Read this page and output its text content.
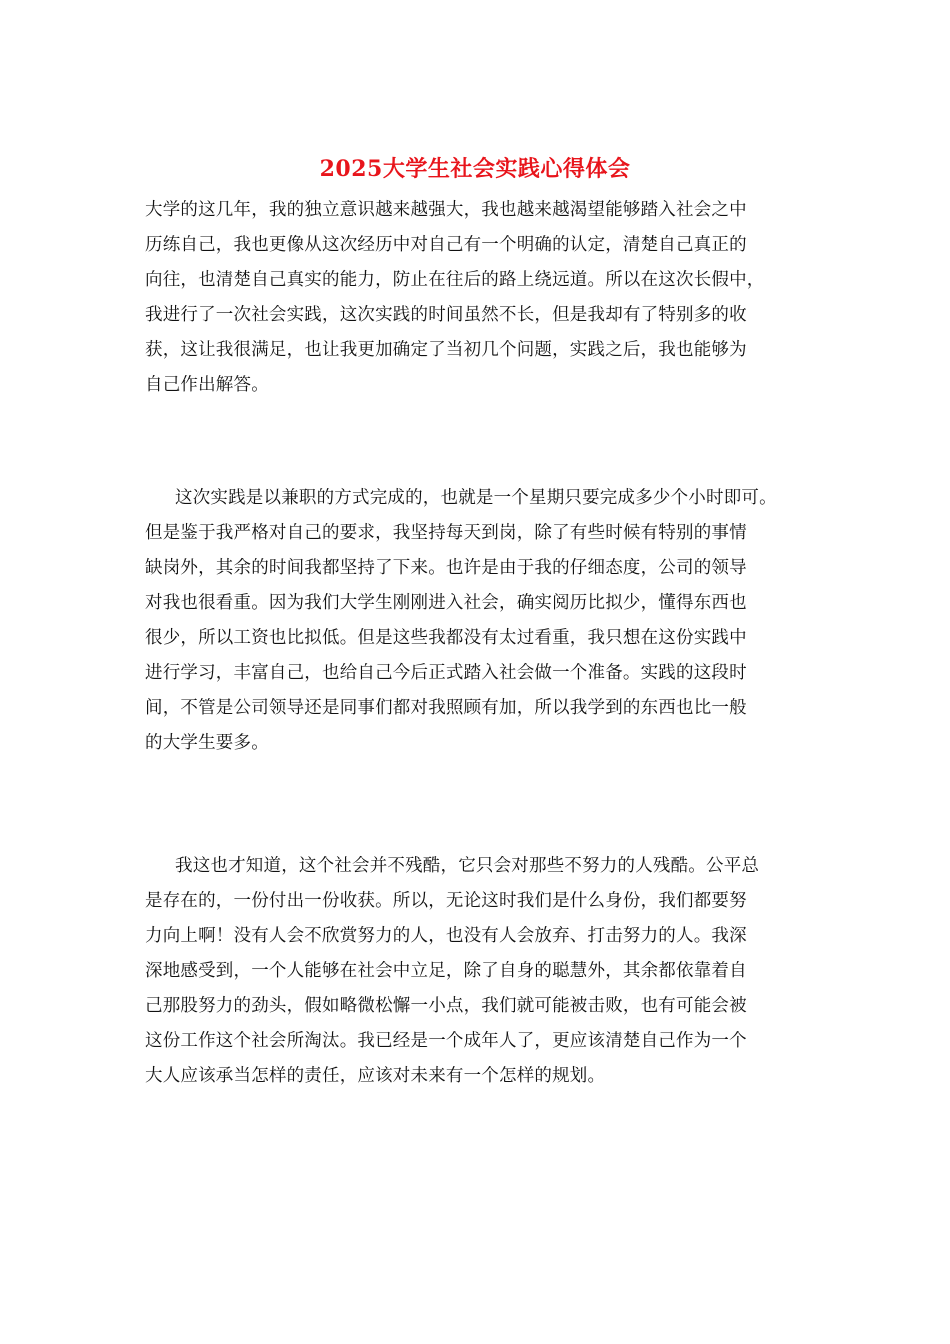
2025大学生社会实践心得体会
大学的这几年，我的独立意识越来越强大，我也越来越渴望能够踏入社会之中
历练自己，我也更像从这次经历中对自己有一个明确的认定，清楚自己真正的
向往，也清楚自己真实的能力，防止在往后的路上绕远道。所以在这次长假中，
我进行了一次社会实践，这次实践的时间虽然不长，但是我却有了特别多的收
获，这让我很满足，也让我更加确定了当初几个问题，实践之后，我也能够为
自己作出解答。
这次实践是以兼职的方式完成的，也就是一个星期只要完成多少个小时即可。
但是鉴于我严格对自己的要求，我坚持每天到岗，除了有些时候有特别的事情
缺岗外，其余的时间我都坚持了下来。也许是由于我的仔细态度，公司的领导
对我也很看重。因为我们大学生刚刚进入社会，确实阅历比拟少，懂得东西也
很少，所以工资也比拟低。但是这些我都没有太过看重，我只想在这份实践中
进行学习，丰富自己，也给自己今后正式踏入社会做一个准备。实践的这段时
间，不管是公司领导还是同事们都对我照顾有加，所以我学到的东西也比一般
的大学生要多。
我这也才知道，这个社会并不残酷，它只会对那些不努力的人残酷。公平总
是存在的，一份付出一份收获。所以，无论这时我们是什么身份，我们都要努
力向上啊！没有人会不欣赏努力的人，也没有人会放弃、打击努力的人。我深
深地感受到，一个人能够在社会中立足，除了自身的聪慧外，其余都依靠着自
己那股努力的劲头，假如略微松懈一小点，我们就可能被击败，也有可能会被
这份工作这个社会所淘汰。我已经是一个成年人了，更应该清楚自己作为一个
大人应该承当怎样的责任，应该对未来有一个怎样的规划。
